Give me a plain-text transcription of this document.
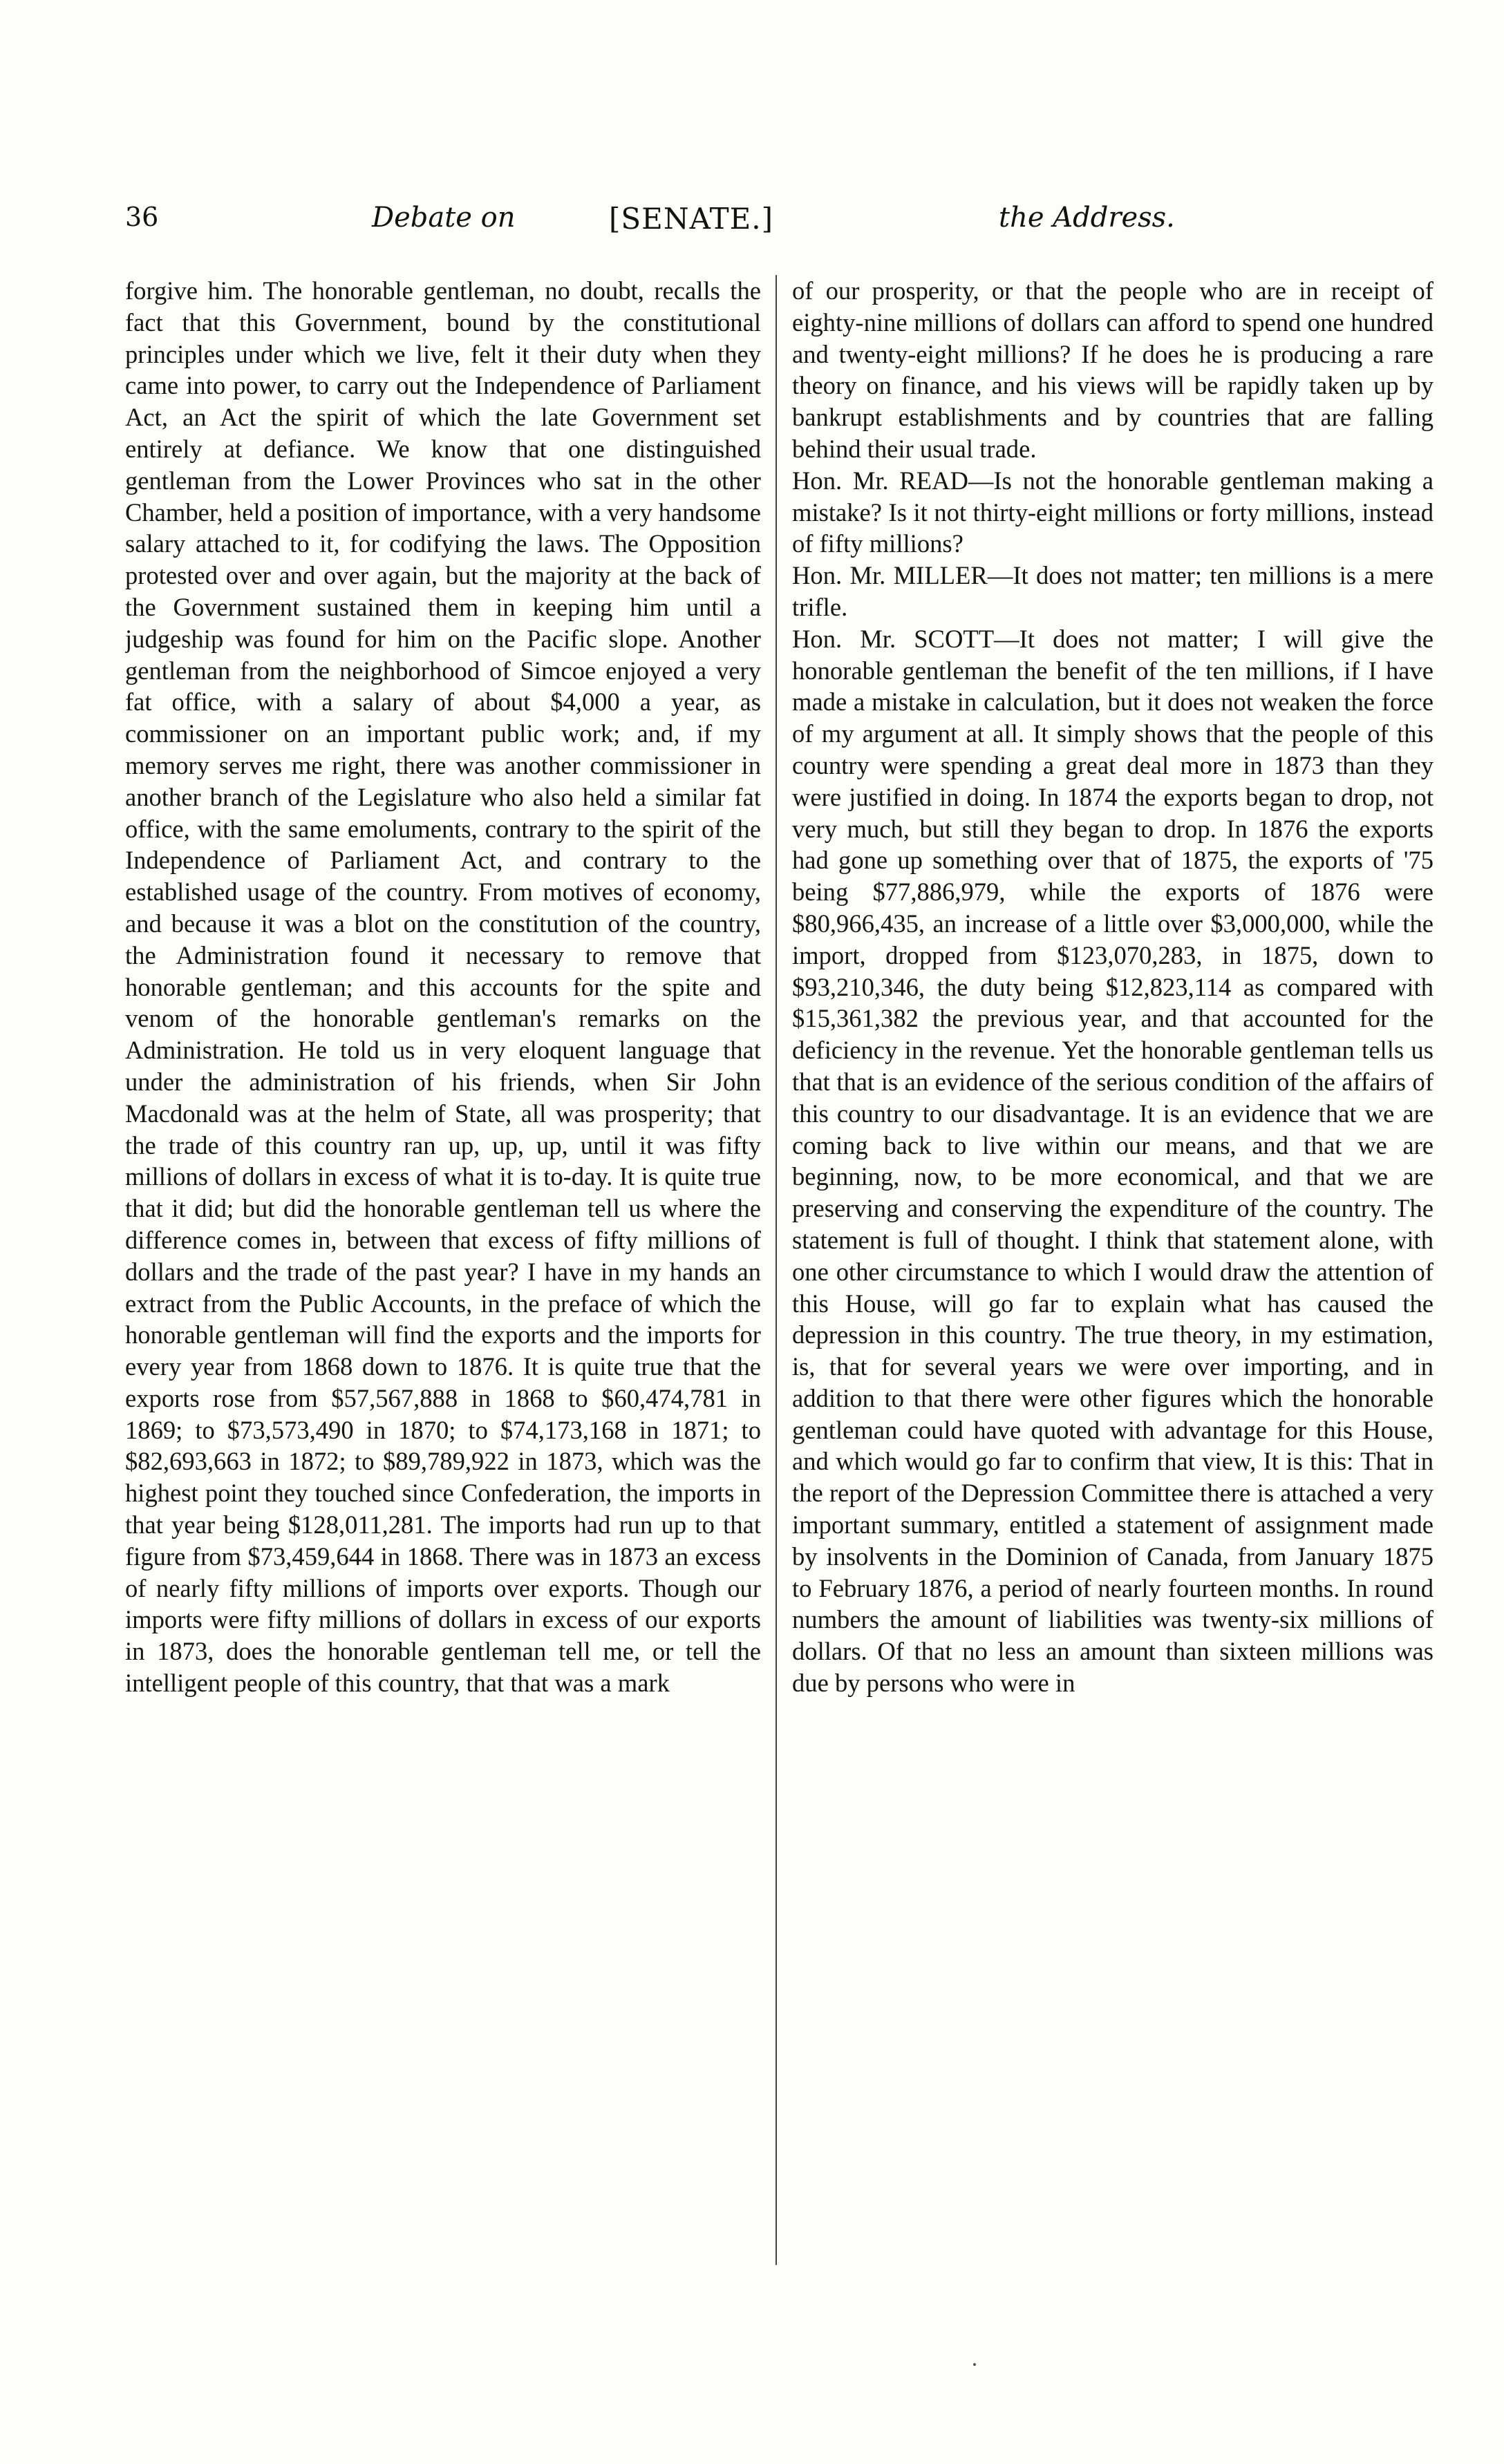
36	Debate on	[SENATE.]	the Address.

forgive him. The honorable gentleman, no doubt, recalls the fact that this Government, bound by the constitutional principles under which we live, felt it their duty when they came into power, to carry out the Independence of Parliament Act, an Act the spirit of which the late Government set entirely at defiance. We know that one distinguished gentleman from the Lower Provinces who sat in the other Chamber, held a position of importance, with a very handsome salary attached to it, for codifying the laws. The Opposition protested over and over again, but the majority at the back of the Government sustained them in keeping him until a judgeship was found for him on the Pacific slope. Another gentleman from the neighborhood of Simcoe enjoyed a very fat office, with a salary of about $4,000 a year, as commissioner on an important public work; and, if my memory serves me right, there was another commissioner in another branch of the Legislature who also held a similar fat office, with the same emoluments, contrary to the spirit of the Independence of Parliament Act, and contrary to the established usage of the country. From motives of economy, and because it was a blot on the constitution of the country, the Administration found it necessary to remove that honorable gentleman; and this accounts for the spite and venom of the honorable gentleman's remarks on the Administration. He told us in very eloquent language that under the administration of his friends, when Sir John Macdonald was at the helm of State, all was prosperity; that the trade of this country ran up, up, up, until it was fifty millions of dollars in excess of what it is to-day. It is quite true that it did; but did the honorable gentleman tell us where the difference comes in, between that excess of fifty millions of dollars and the trade of the past year? I have in my hands an extract from the Public Accounts, in the preface of which the honorable gentleman will find the exports and the imports for every year from 1868 down to 1876. It is quite true that the exports rose from $57,567,888 in 1868 to $60,474,781 in 1869; to $73,573,490 in 1870; to $74,173,168 in 1871; to $82,693,663 in 1872; to $89,789,922 in 1873, which was the highest point they touched since Confederation, the imports in that year being $128,011,281. The imports had run up to that figure from $73,459,644 in 1868. There was in 1873 an excess of nearly fifty millions of imports over exports. Though our imports were fifty millions of dollars in excess of our exports in 1873, does the honorable gentleman tell me, or tell the intelligent people of this country, that that was a mark

of our prosperity, or that the people who are in receipt of eighty-nine millions of dollars can afford to spend one hundred and twenty-eight millions? If he does he is producing a rare theory on finance, and his views will be rapidly taken up by bankrupt establishments and by countries that are falling behind their usual trade.

Hon. Mr. READ—Is not the honorable gentleman making a mistake? Is it not thirty-eight millions or forty millions, instead of fifty millions?

Hon. Mr. MILLER—It does not matter; ten millions is a mere trifle.

Hon. Mr. SCOTT—It does not matter; I will give the honorable gentleman the benefit of the ten millions, if I have made a mistake in calculation, but it does not weaken the force of my argument at all. It simply shows that the people of this country were spending a great deal more in 1873 than they were justified in doing. In 1874 the exports began to drop, not very much, but still they began to drop. In 1876 the exports had gone up something over that of 1875, the exports of '75 being $77,886,979, while the exports of 1876 were $80,966,435, an increase of a little over $3,000,000, while the import, dropped from $123,070,283, in 1875, down to $93,210,346, the duty being $12,823,114 as compared with $15,361,382 the previous year, and that accounted for the deficiency in the revenue. Yet the honorable gentleman tells us that that is an evidence of the serious condition of the affairs of this country to our disadvantage. It is an evidence that we are coming back to live within our means, and that we are beginning, now, to be more economical, and that we are preserving and conserving the expenditure of the country. The statement is full of thought. I think that statement alone, with one other circumstance to which I would draw the attention of this House, will go far to explain what has caused the depression in this country. The true theory, in my estimation, is, that for several years we were over importing, and in addition to that there were other figures which the honorable gentleman could have quoted with advantage for this House, and which would go far to confirm that view, It is this: That in the report of the Depression Committee there is attached a very important summary, entitled a statement of assignment made by insolvents in the Dominion of Canada, from January 1875 to February 1876, a period of nearly fourteen months. In round numbers the amount of liabilities was twenty-six millions of dollars. Of that no less an amount than sixteen millions was due by persons who were in
